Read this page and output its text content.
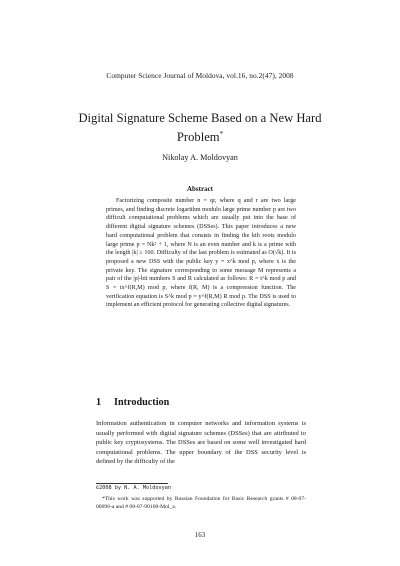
Computer Science Journal of Moldova, vol.16, no.2(47), 2008
Digital Signature Scheme Based on a New Hard Problem*
Nikolay A. Moldovyan
Abstract

Factorizing composite number n = qr, where q and r are two large primes, and finding discrete logarithm modulo large prime number p are two difficult computational problems which are usually put into the base of different digital signature schemes (DSSes). This paper introduces a new hard computational problem that consists in finding the kth roots modulo large prime p = Nk² + 1, where N is an even number and k is a prime with the length |k| ≥ 160. Difficulty of the last problem is estimated as O(√k). It is proposed a new DSS with the public key y = x^k mod p, where x is the private key. The signature corresponding to some message M represents a pair of the |p|-bit numbers S and R calculated as follows: R = t^k mod p and S = tx^f(R,M) mod p, where f(R, M) is a compression function. The verification equation is S^k mod p = y^f(R,M) R mod p. The DSS is used to implement an efficient protocol for generating collective digital signatures.

1 Introduction

Information authentication in computer networks and information systems is usually performed with digital signature schemes (DSSes) that are attributed to public key cryptosystems. The DSSes are based on some well investigated hard computational problems. The upper boundary of the DSS security level is defined by the difficulty of the

©2008 by N. A. Moldovyan

*This work was supported by Russian Foundation for Basic Research grants # 08-07-00096-a and # 08-07-90100-Mol_a.

163
